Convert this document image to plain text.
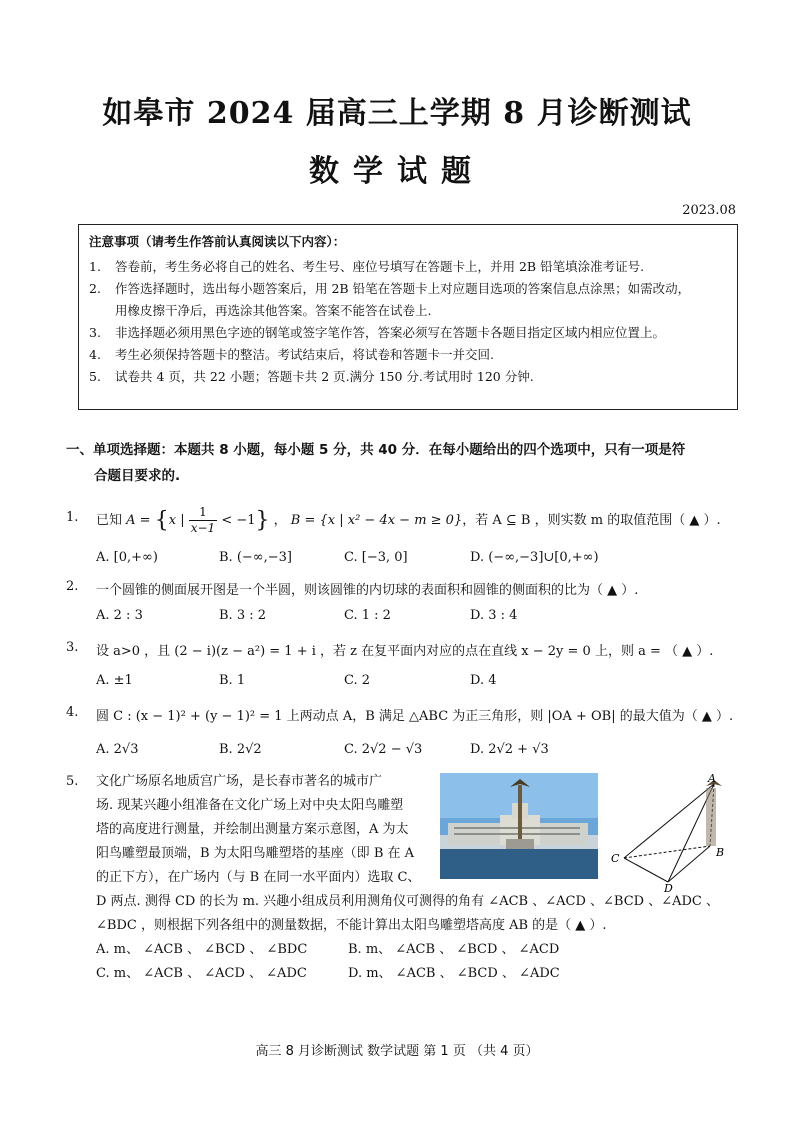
如皋市 2024 届高三上学期 8 月诊断测试
数学试题
2023.08
注意事项（请考生作答前认真阅读以下内容）：
1.	答卷前，考生务必将自己的姓名、考生号、座位号填写在答题卡上，并用 2B 铅笔填涂准考证号.
2.	作答选择题时，选出每小题答案后，用 2B 铅笔在答题卡上对应题目选项的答案信息点涂黑；如需改动，
用橡皮擦干净后，再选涂其他答案。答案不能答在试卷上.
3.	非选择题必须用黑色字迹的钢笔或签字笔作答，答案必须写在答题卡各题目指定区域内相应位置上。
4.	考生必须保持答题卡的整洁。考试结束后，将试卷和答题卡一并交回.
5.	试卷共 4 页，共 22 小题；答题卡共 2 页.满分 150 分.考试用时 120 分钟.
一、单项选择题：本题共 8 小题，每小题 5 分，共 40 分．在每小题给出的四个选项中，只有一项是符
合题目要求的.
1.	已知 A = {x | $\frac{1}{x-1} < -1$} ， B = {x | x² − 4x − m ≥ 0}，若 A ⊆ B ，则实数 m 的取值范围（ ▲ ）.
A. [0,+∞)	B. (−∞,−3]	C. [−3, 0]	D. (−∞,−3]∪[0,+∞)
2.	一个圆锥的侧面展开图是一个半圆，则该圆锥的内切球的表面积和圆锥的侧面积的比为（ ▲ ）.
A. 2 : 3	B. 3 : 2	C. 1 : 2	D. 3 : 4
3.	设 a>0 ，且 (2 − i)(z − a²) = 1 + i ，若 z 在复平面内对应的点在直线 x − 2y = 0 上，则 a = （ ▲ ）.
A. ±1	B. 1	C. 2	D. 4
4.	圆 C : (x − 1)² + (y − 1)² = 1 上两动点 A，B 满足 △ABC 为正三角形，则 |OA + OB| 的最大值为（ ▲ ）.
A. 2√3	B. 2√2	C. 2√2 − √3	D. 2√2 + √3
5.	文化广场原名地质宫广场，是长春市著名的城市广
场. 现某兴趣小组准备在文化广场上对中央太阳鸟雕塑
塔的高度进行测量，并绘制出测量方案示意图，A 为太
阳鸟雕塑最顶端，B 为太阳鸟雕塑塔的基座（即 B 在 A
的正下方），在广场内（与 B 在同一水平面内）选取 C、
D 两点. 测得 CD 的长为 m. 兴趣小组成员利用测角仪可测得的角有 ∠ACB 、∠ACD 、∠BCD 、∠ADC 、
∠BDC ，则根据下列各组中的测量数据，不能计算出太阳鸟雕塑塔高度 AB 的是（ ▲ ）.
A. m、 ∠ACB 、 ∠BCD 、 ∠BDC	B. m、 ∠ACB 、 ∠BCD 、 ∠ACD
C. m、 ∠ACB 、 ∠ACD 、 ∠ADC	D. m、 ∠ACB 、 ∠BCD 、 ∠ADC
A
B
C
D
高三 8 月诊断测试 数学试题 第 1 页 （共 4 页）
